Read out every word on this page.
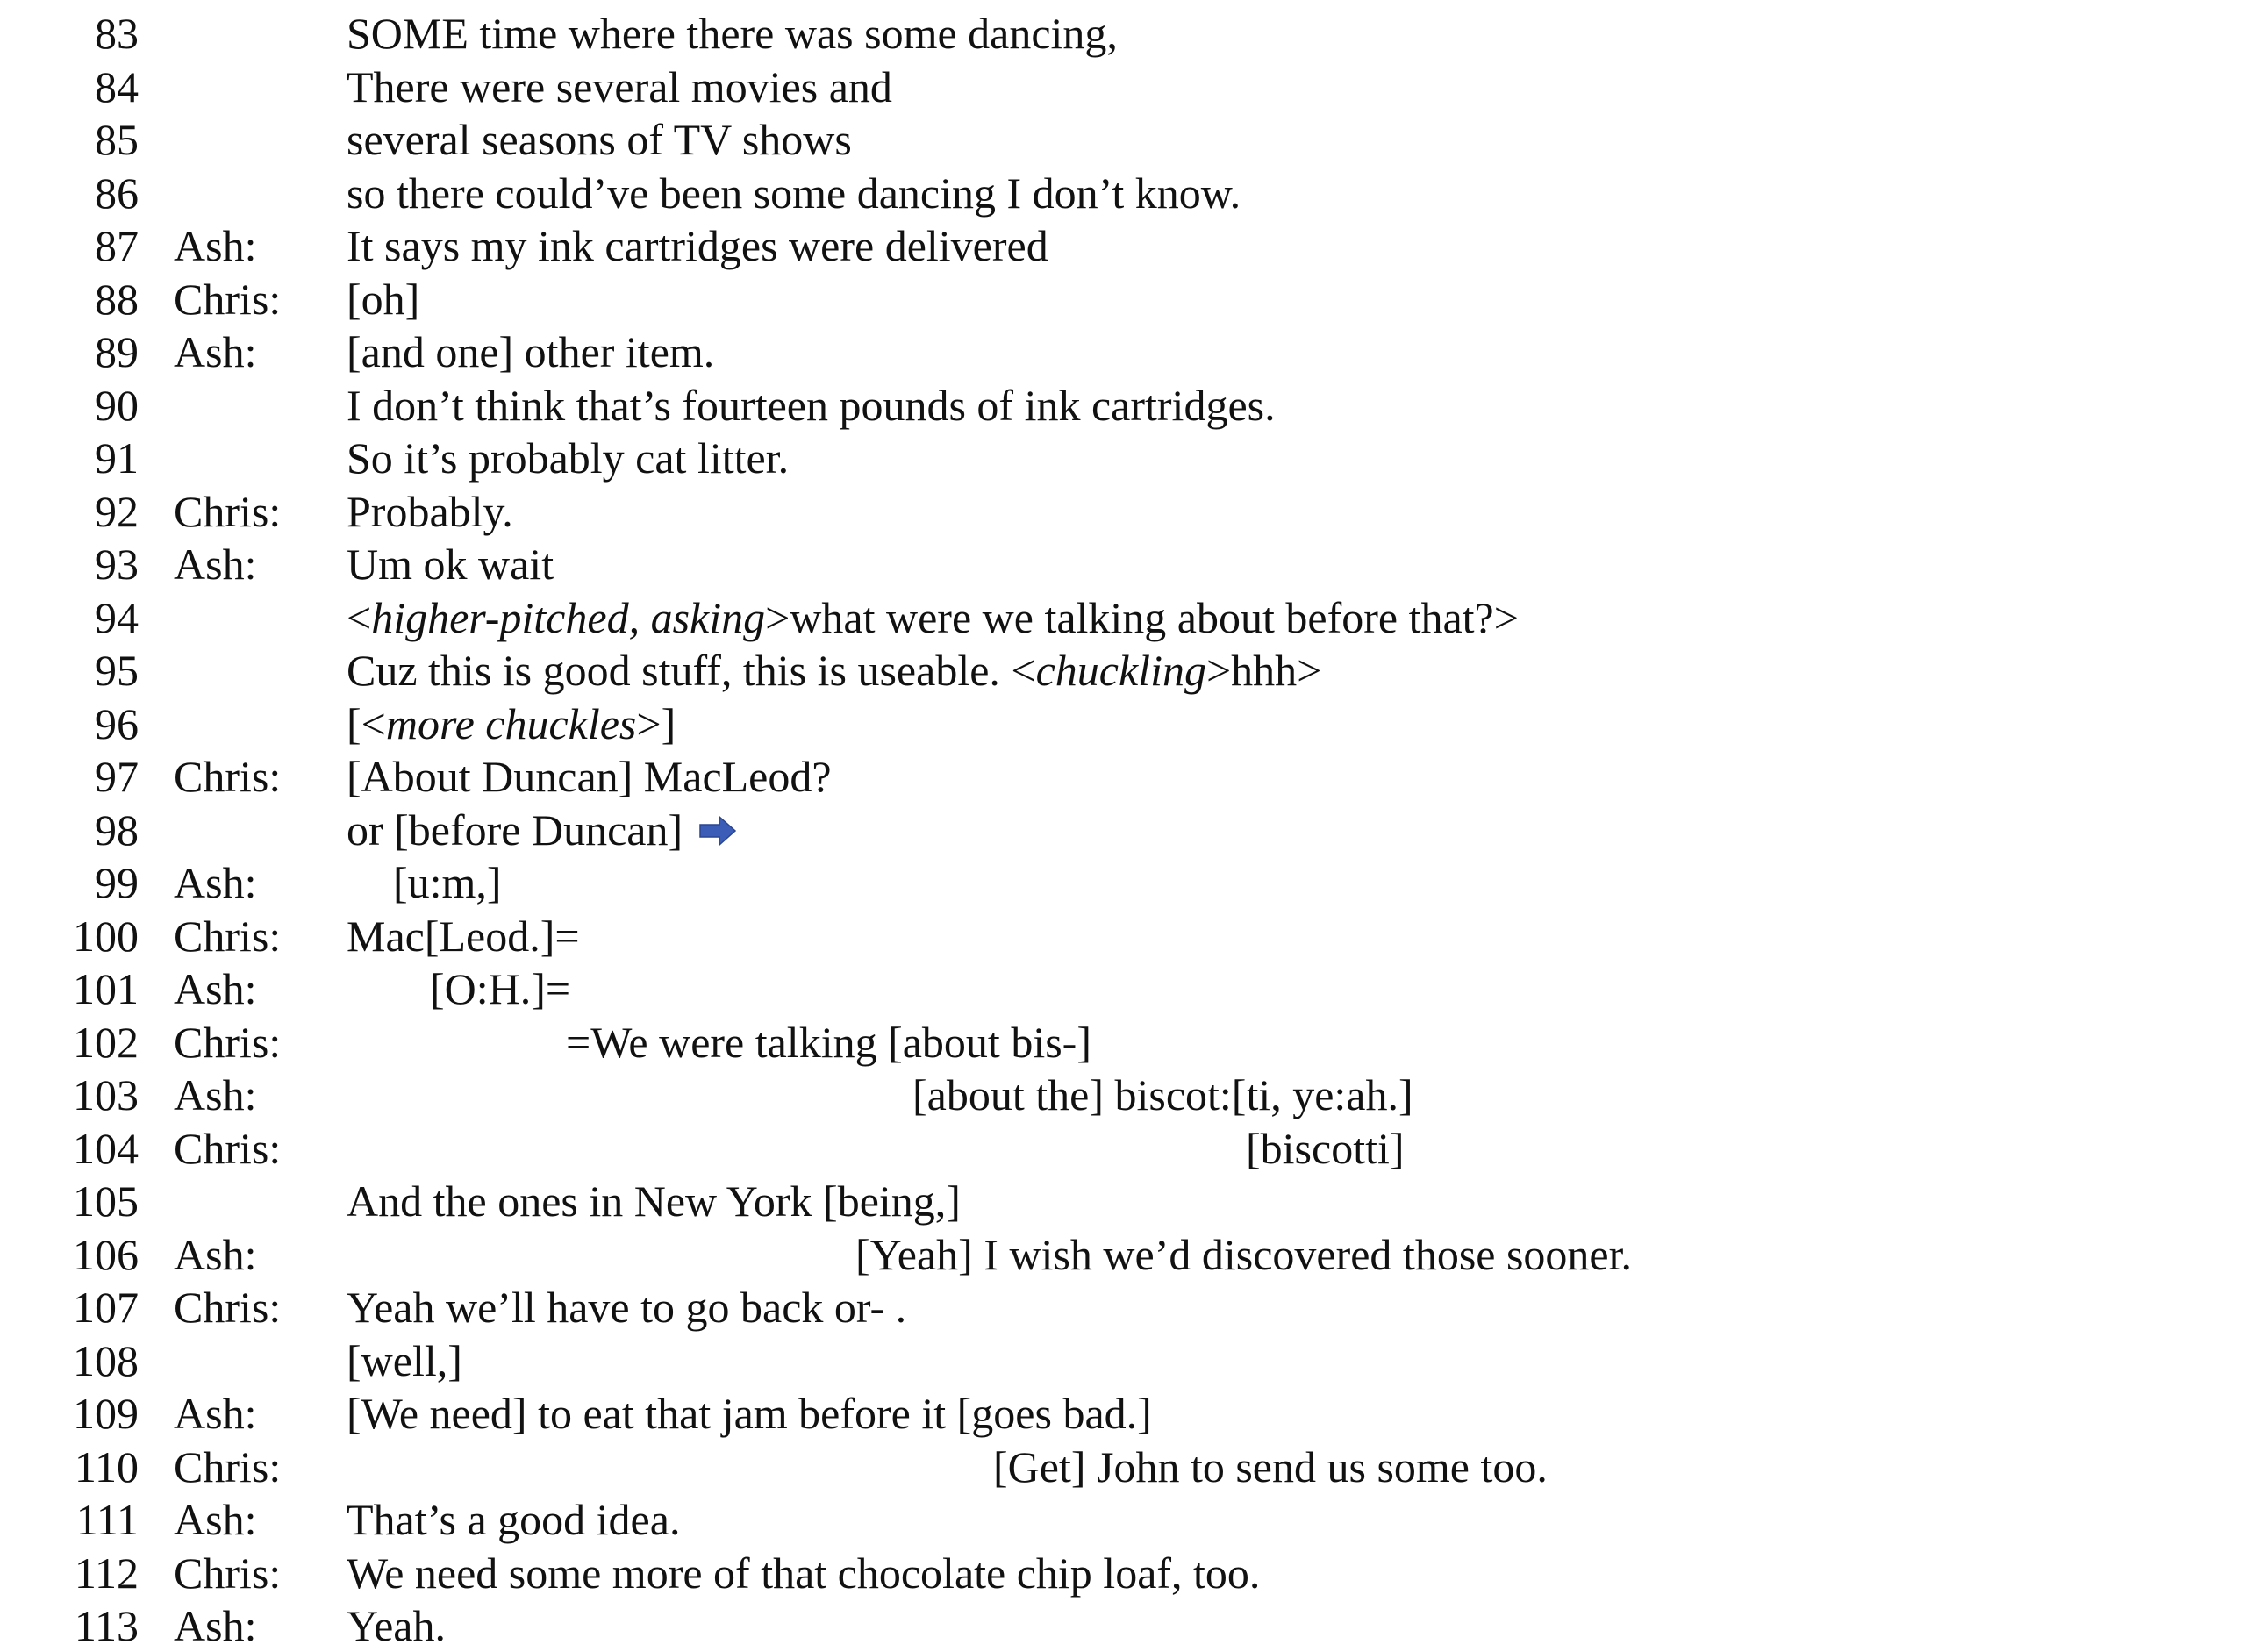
83	SOME time where there was some dancing,
84	There were several movies and
85	several seasons of TV shows
86	so there could’ve been some dancing I don’t know.
87 Ash: It says my ink cartridges were delivered
88 Chris: [oh]
89 Ash: [and one] other item.
90	I don’t think that’s fourteen pounds of ink cartridges.
91	So it’s probably cat litter.
92 Chris: Probably.
93 Ash: Um ok wait
94	<higher-pitched, asking>what were we talking about before that?>
95	Cuz this is good stuff, this is useable. <chuckling>hhh>
96	[<more chuckles>]
97 Chris: [About Duncan] MacLeod?
98	or [before Duncan]
99 Ash:	[u:m,]
100 Chris: Mac[Leod.]=
101 Ash:	[O:H.]=
102 Chris:	=We were talking [about bis-]
103 Ash:	[about the] biscot:[ti, ye:ah.]
104 Chris:	[biscotti]
105	And the ones in New York [being,]
106 Ash:	[Yeah] I wish we’d discovered those sooner.
107 Chris: Yeah we’ll have to go back or- .
108	[well,]
109 Ash: [We need] to eat that jam before it [goes bad.]
110 Chris:	[Get] John to send us some too.
111 Ash: That’s a good idea.
112 Chris: We need some more of that chocolate chip loaf, too.
113 Ash: Yeah.
